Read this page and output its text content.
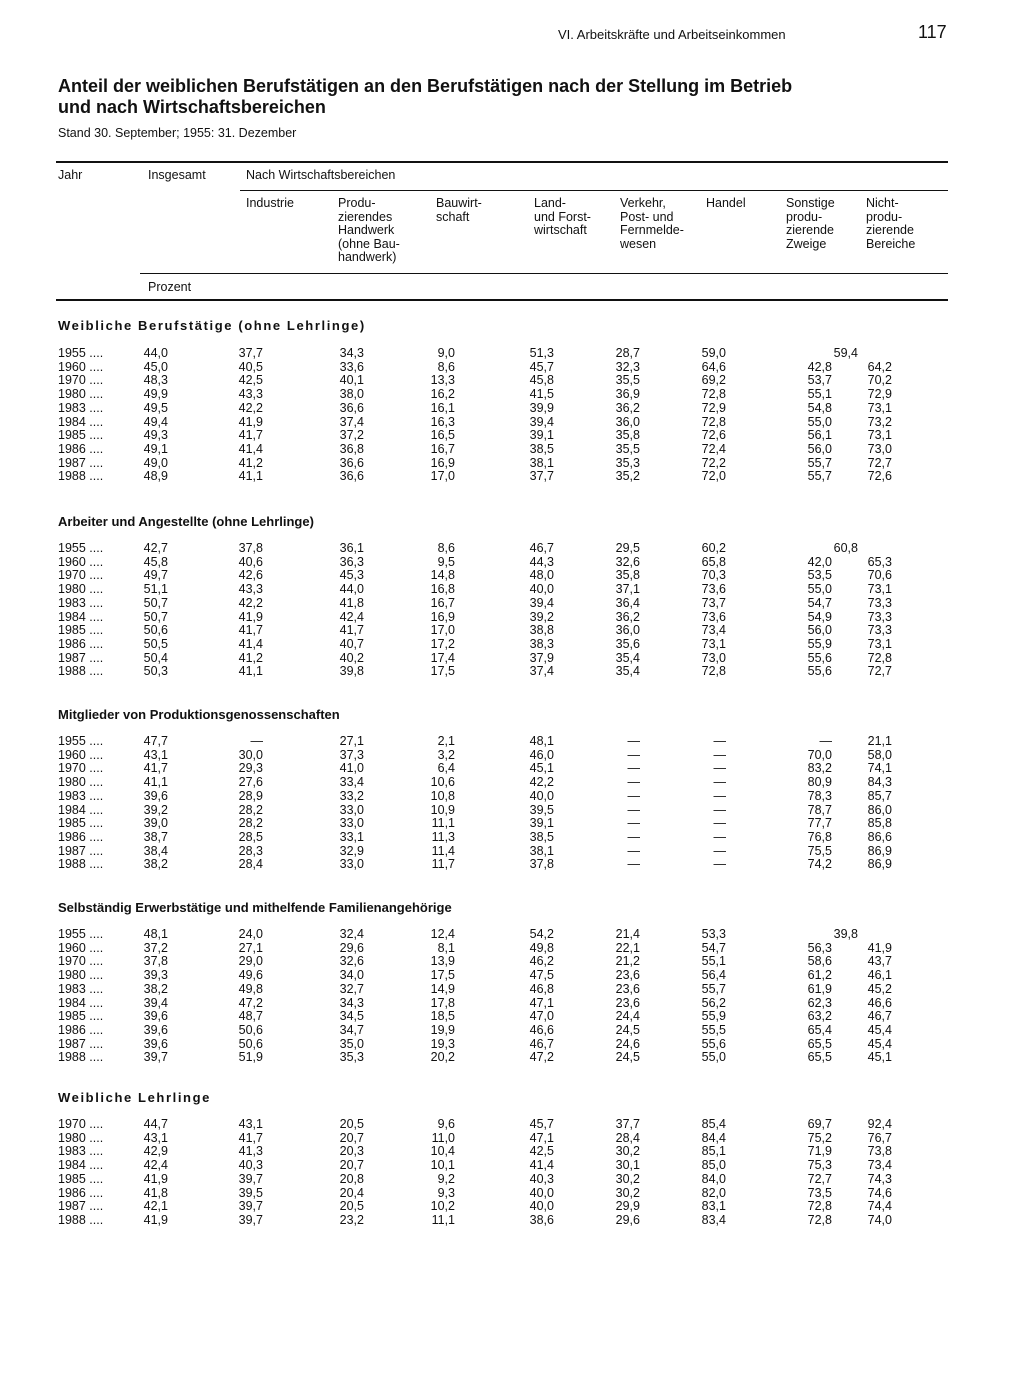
VI. Arbeitskräfte und Arbeitseinkommen	117
Anteil der weiblichen Berufstätigen an den Berufstätigen nach der Stellung im Betrieb
und nach Wirtschaftsbereichen
Stand 30. September; 1955: 31. Dezember
Jahr	Insgesamt	Nach Wirtschaftsbereichen
Industrie	Produ-
zierendes
Handwerk
(ohne Bau-
handwerk)
Bauwirt-
schaft
Land-
und Forst-
wirtschaft
Verkehr,
Post- und
Fernmelde-
wesen
Handel	Sonstige
produ-
zierende
Zweige
Nicht-
produ-
zierende
Bereiche
Prozent
Weibliche Berufstätige (ohne Lehrlinge)
1955 ....	44,0	37,7	34,3	9,0	51,3	28,7	59,0	59,4
1960 ....	45,0	40,5	33,6	8,6	45,7	32,3	64,6	42,8	64,2
1970 ....	48,3	42,5	40,1	13,3	45,8	35,5	69,2	53,7	70,2
1980 ....	49,9	43,3	38,0	16,2	41,5	36,9	72,8	55,1	72,9
1983 ....	49,5	42,2	36,6	16,1	39,9	36,2	72,9	54,8	73,1
1984 ....	49,4	41,9	37,4	16,3	39,4	36,0	72,8	55,0	73,2
1985 ....	49,3	41,7	37,2	16,5	39,1	35,8	72,6	56,1	73,1
1986 ....	49,1	41,4	36,8	16,7	38,5	35,5	72,4	56,0	73,0
1987 ....	49,0	41,2	36,6	16,9	38,1	35,3	72,2	55,7	72,7
1988 ....	48,9	41,1	36,6	17,0	37,7	35,2	72,0	55,7	72,6
Arbeiter und Angestellte (ohne Lehrlinge)
1955 ....	42,7	37,8	36,1	8,6	46,7	29,5	60,2	60,8
1960 ....	45,8	40,6	36,3	9,5	44,3	32,6	65,8	42,0	65,3
1970 ....	49,7	42,6	45,3	14,8	48,0	35,8	70,3	53,5	70,6
1980 ....	51,1	43,3	44,0	16,8	40,0	37,1	73,6	55,0	73,1
1983 ....	50,7	42,2	41,8	16,7	39,4	36,4	73,7	54,7	73,3
1984 ....	50,7	41,9	42,4	16,9	39,2	36,2	73,6	54,9	73,3
1985 ....	50,6	41,7	41,7	17,0	38,8	36,0	73,4	56,0	73,3
1986 ....	50,5	41,4	40,7	17,2	38,3	35,6	73,1	55,9	73,1
1987 ....	50,4	41,2	40,2	17,4	37,9	35,4	73,0	55,6	72,8
1988 ....	50,3	41,1	39,8	17,5	37,4	35,4	72,8	55,6	72,7
Mitglieder von Produktionsgenossenschaften
1955 ....	47,7	—	27,1	2,1	48,1	—	—	—	21,1
1960 ....	43,1	30,0	37,3	3,2	46,0	—	—	70,0	58,0
1970 ....	41,7	29,3	41,0	6,4	45,1	—	—	83,2	74,1
1980 ....	41,1	27,6	33,4	10,6	42,2	—	—	80,9	84,3
1983 ....	39,6	28,9	33,2	10,8	40,0	—	—	78,3	85,7
1984 ....	39,2	28,2	33,0	10,9	39,5	—	—	78,7	86,0
1985 ....	39,0	28,2	33,0	11,1	39,1	—	—	77,7	85,8
1986 ....	38,7	28,5	33,1	11,3	38,5	—	—	76,8	86,6
1987 ....	38,4	28,3	32,9	11,4	38,1	—	—	75,5	86,9
1988 ....	38,2	28,4	33,0	11,7	37,8	—	—	74,2	86,9
Selbständig Erwerbstätige und mithelfende Familienangehörige
1955 ....	48,1	24,0	32,4	12,4	54,2	21,4	53,3	39,8
1960 ....	37,2	27,1	29,6	8,1	49,8	22,1	54,7	56,3	41,9
1970 ....	37,8	29,0	32,6	13,9	46,2	21,2	55,1	58,6	43,7
1980 ....	39,3	49,6	34,0	17,5	47,5	23,6	56,4	61,2	46,1
1983 ....	38,2	49,8	32,7	14,9	46,8	23,6	55,7	61,9	45,2
1984 ....	39,4	47,2	34,3	17,8	47,1	23,6	56,2	62,3	46,6
1985 ....	39,6	48,7	34,5	18,5	47,0	24,4	55,9	63,2	46,7
1986 ....	39,6	50,6	34,7	19,9	46,6	24,5	55,5	65,4	45,4
1987 ....	39,6	50,6	35,0	19,3	46,7	24,6	55,6	65,5	45,4
1988 ....	39,7	51,9	35,3	20,2	47,2	24,5	55,0	65,5	45,1
Weibliche Lehrlinge
1970 ....	44,7	43,1	20,5	9,6	45,7	37,7	85,4	69,7	92,4
1980 ....	43,1	41,7	20,7	11,0	47,1	28,4	84,4	75,2	76,7
1983 ....	42,9	41,3	20,3	10,4	42,5	30,2	85,1	71,9	73,8
1984 ....	42,4	40,3	20,7	10,1	41,4	30,1	85,0	75,3	73,4
1985 ....	41,9	39,7	20,8	9,2	40,3	30,2	84,0	72,7	74,3
1986 ....	41,8	39,5	20,4	9,3	40,0	30,2	82,0	73,5	74,6
1987 ....	42,1	39,7	20,5	10,2	40,0	29,9	83,1	72,8	74,4
1988 ....	41,9	39,7	23,2	11,1	38,6	29,6	83,4	72,8	74,0
